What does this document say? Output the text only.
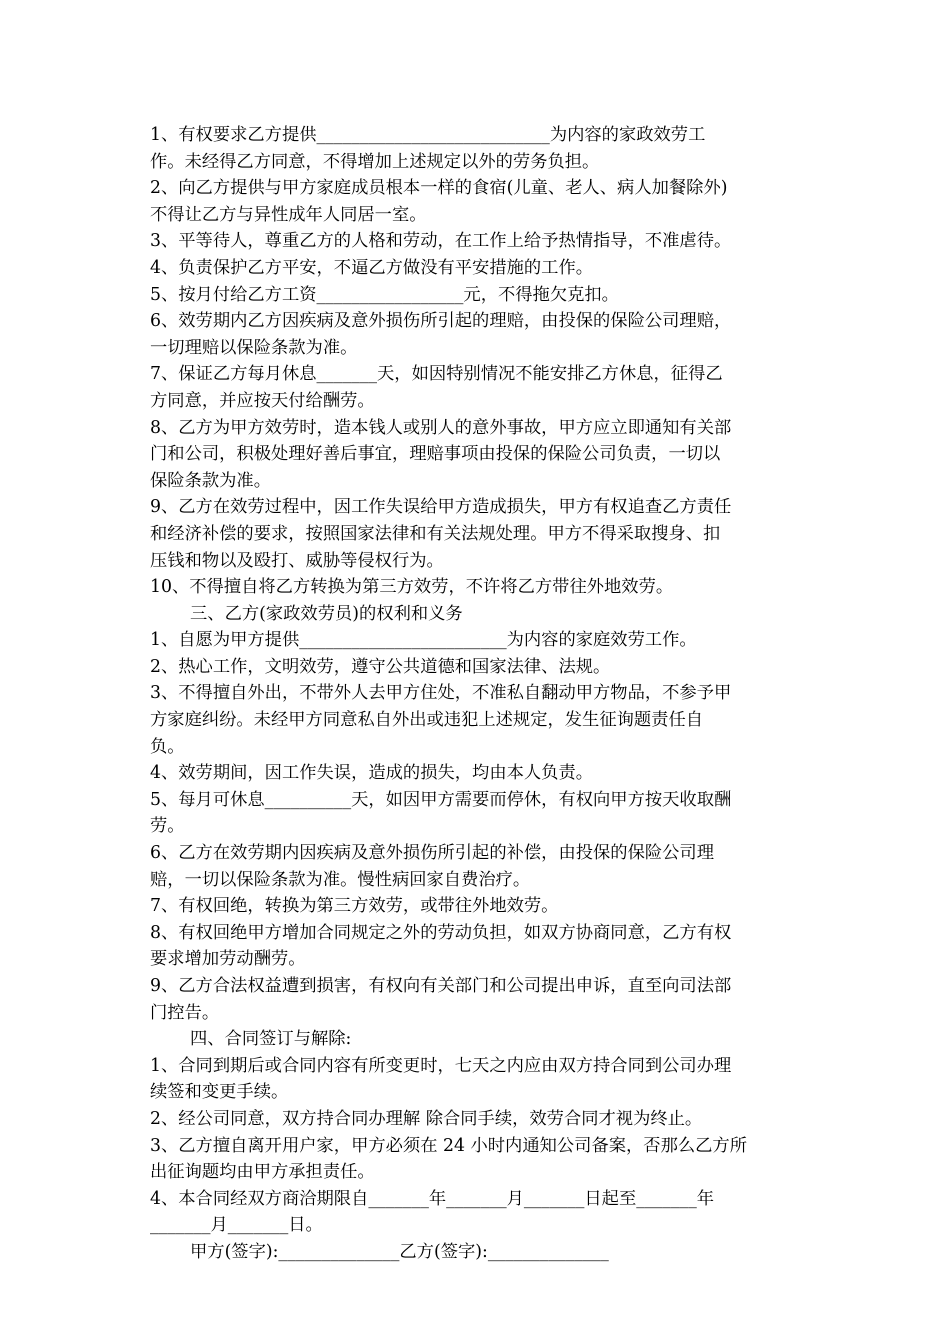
1、有权要求乙方提供___________________________为内容的家政效劳工
作。未经得乙方同意，不得增加上述规定以外的劳务负担。
2、向乙方提供与甲方家庭成员根本一样的食宿(儿童、老人、病人加餐除外)
不得让乙方与异性成年人同居一室。
3、平等待人，尊重乙方的人格和劳动，在工作上给予热情指导，不准虐待。
4、负责保护乙方平安，不逼乙方做没有平安措施的工作。
5、按月付给乙方工资_________________元，不得拖欠克扣。
6、效劳期内乙方因疾病及意外损伤所引起的理赔，由投保的保险公司理赔，
一切理赔以保险条款为准。
7、保证乙方每月休息_______天，如因特别情况不能安排乙方休息，征得乙
方同意，并应按天付给酬劳。
8、乙方为甲方效劳时，造本钱人或别人的意外事故，甲方应立即通知有关部
门和公司，积极处理好善后事宜，理赔事项由投保的保险公司负责，一切以
保险条款为准。
9、乙方在效劳过程中，因工作失误给甲方造成损失，甲方有权追查乙方责任
和经济补偿的要求，按照国家法律和有关法规处理。甲方不得采取搜身、扣
压钱和物以及殴打、威胁等侵权行为。
10、不得擅自将乙方转换为第三方效劳，不许将乙方带往外地效劳。
三、乙方(家政效劳员)的权利和义务
1、自愿为甲方提供________________________为内容的家庭效劳工作。
2、热心工作，文明效劳，遵守公共道德和国家法律、法规。
3、不得擅自外出，不带外人去甲方住处，不准私自翻动甲方物品，不参予甲
方家庭纠纷。未经甲方同意私自外出或违犯上述规定，发生征询题责任自
负。
4、效劳期间，因工作失误，造成的损失，均由本人负责。
5、每月可休息__________天，如因甲方需要而停休，有权向甲方按天收取酬
劳。
6、乙方在效劳期内因疾病及意外损伤所引起的补偿，由投保的保险公司理
赔，一切以保险条款为准。慢性病回家自费治疗。
7、有权回绝，转换为第三方效劳，或带往外地效劳。
8、有权回绝甲方增加合同规定之外的劳动负担，如双方协商同意，乙方有权
要求增加劳动酬劳。
9、乙方合法权益遭到损害，有权向有关部门和公司提出申诉，直至向司法部
门控告。
四、合同签订与解除:
1、合同到期后或合同内容有所变更时，七天之内应由双方持合同到公司办理
续签和变更手续。
2、经公司同意，双方持合同办理解 除合同手续，效劳合同才视为终止。
3、乙方擅自离开用户家，甲方必须在 24 小时内通知公司备案，否那么乙方所
出征询题均由甲方承担责任。
4、本合同经双方商洽期限自_______年_______月_______日起至_______年
_______月_______日。
甲方(签字):______________乙方(签字):______________
